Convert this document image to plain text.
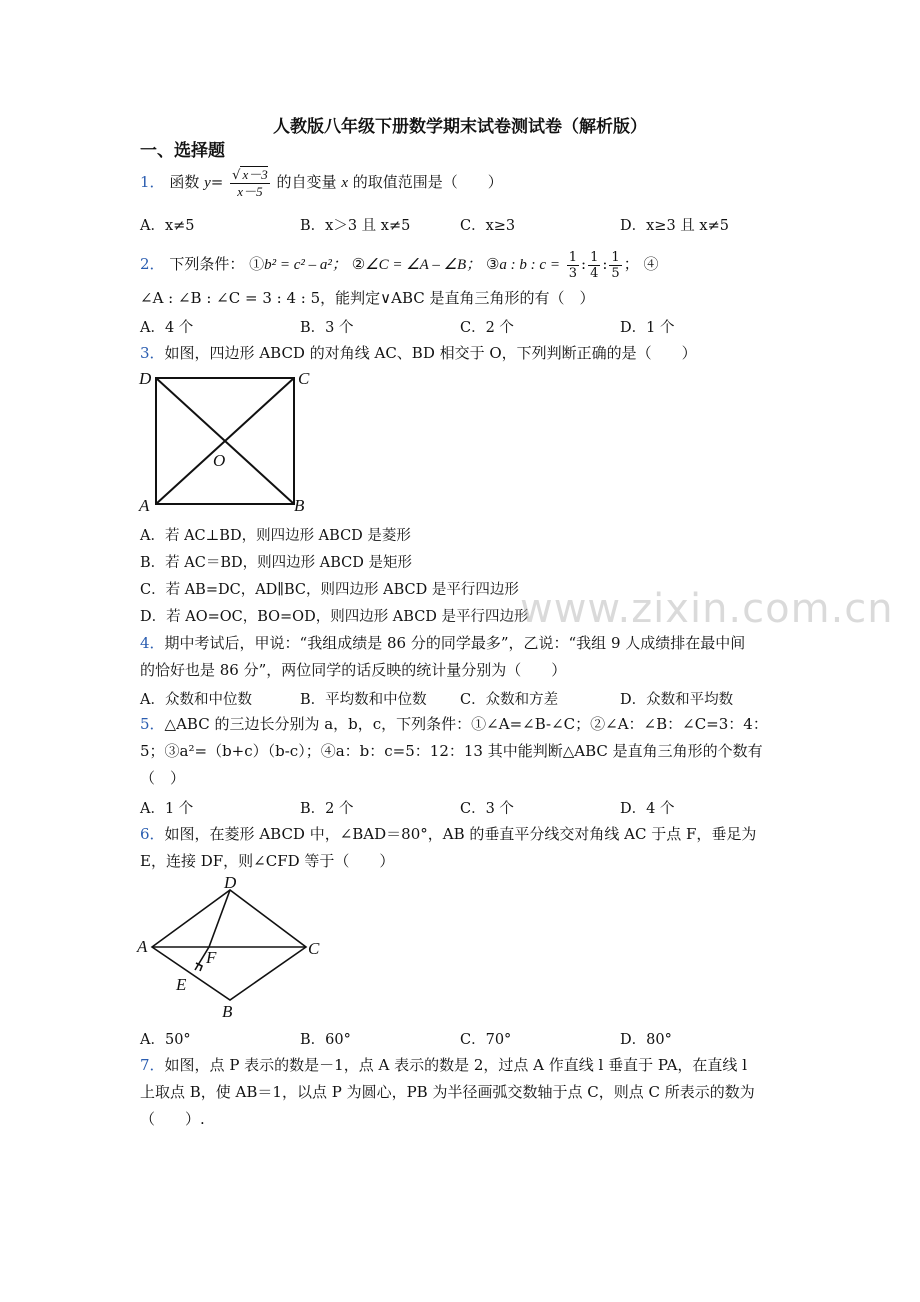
人教版八年级下册数学期末试卷测试卷（解析版）
一、选择题
1． 函数 $y= \frac{√ x-3}{x-5}$ 的自变量 x 的取值范围是（　　）
A．x≠5	B．x＞3 且 x≠5	C．x≥3	D．x≥3 且 x≠5
2． 下列条件： ①b² = c² – a²； ②∠C = ∠A – ∠B； ③a : b : $c = \frac{1}{3}$ : $\frac{1}{4}$ : $\frac{1}{5}$ ； ④
∠A : ∠B : ∠C = 3 : 4 : 5，能判定∨ABC 是直角三角形的有（　）
A．4 个	B．3 个	C．2 个	D．1 个
3．如图，四边形 ABCD 的对角线 AC、BD 相交于 O，下列判断正确的是（　　）
D	C
A	B
O
A．若 AC⊥BD，则四边形 ABCD 是菱形
B．若 AC＝BD，则四边形 ABCD 是矩形
C．若 AB=DC，AD∥BC，则四边形 ABCD 是平行四边形
D．若 AO=OC，BO=OD，则四边形 ABCD 是平行四边形
www.zixin.com.cn
4．期中考试后，甲说：“我组成绩是 86 分的同学最多”，乙说：“我组 9 人成绩排在最中间
的恰好也是 86 分”，两位同学的话反映的统计量分别为（　　）
A．众数和中位数	B．平均数和中位数 C．众数和方差	D．众数和平均数
5．△ABC 的三边长分别为 a，b，c，下列条件：①∠A=∠B-∠C；②∠A：∠B：∠C=3：4：
5；③a²=（b+c）（b-c）；④a：b：c=5：12：13 其中能判断△ABC 是直角三角形的个数有
（　）
A．1 个	B．2 个	C．3 个	D．4 个
6．如图，在菱形 ABCD 中，∠BAD＝80°，AB 的垂直平分线交对角线 AC 于点 F，垂足为
E，连接 DF，则∠CFD 等于（　　）
D
A	C
F
E
B
A．50°	B．60°	C．70°	D．80°
7．如图，点 P 表示的数是－1，点 A 表示的数是 2，过点 A 作直线 l 垂直于 PA，在直线 l
上取点 B，使 AB＝1，以点 P 为圆心，PB 为半径画弧交数轴于点 C，则点 C 所表示的数为
（　　）.
